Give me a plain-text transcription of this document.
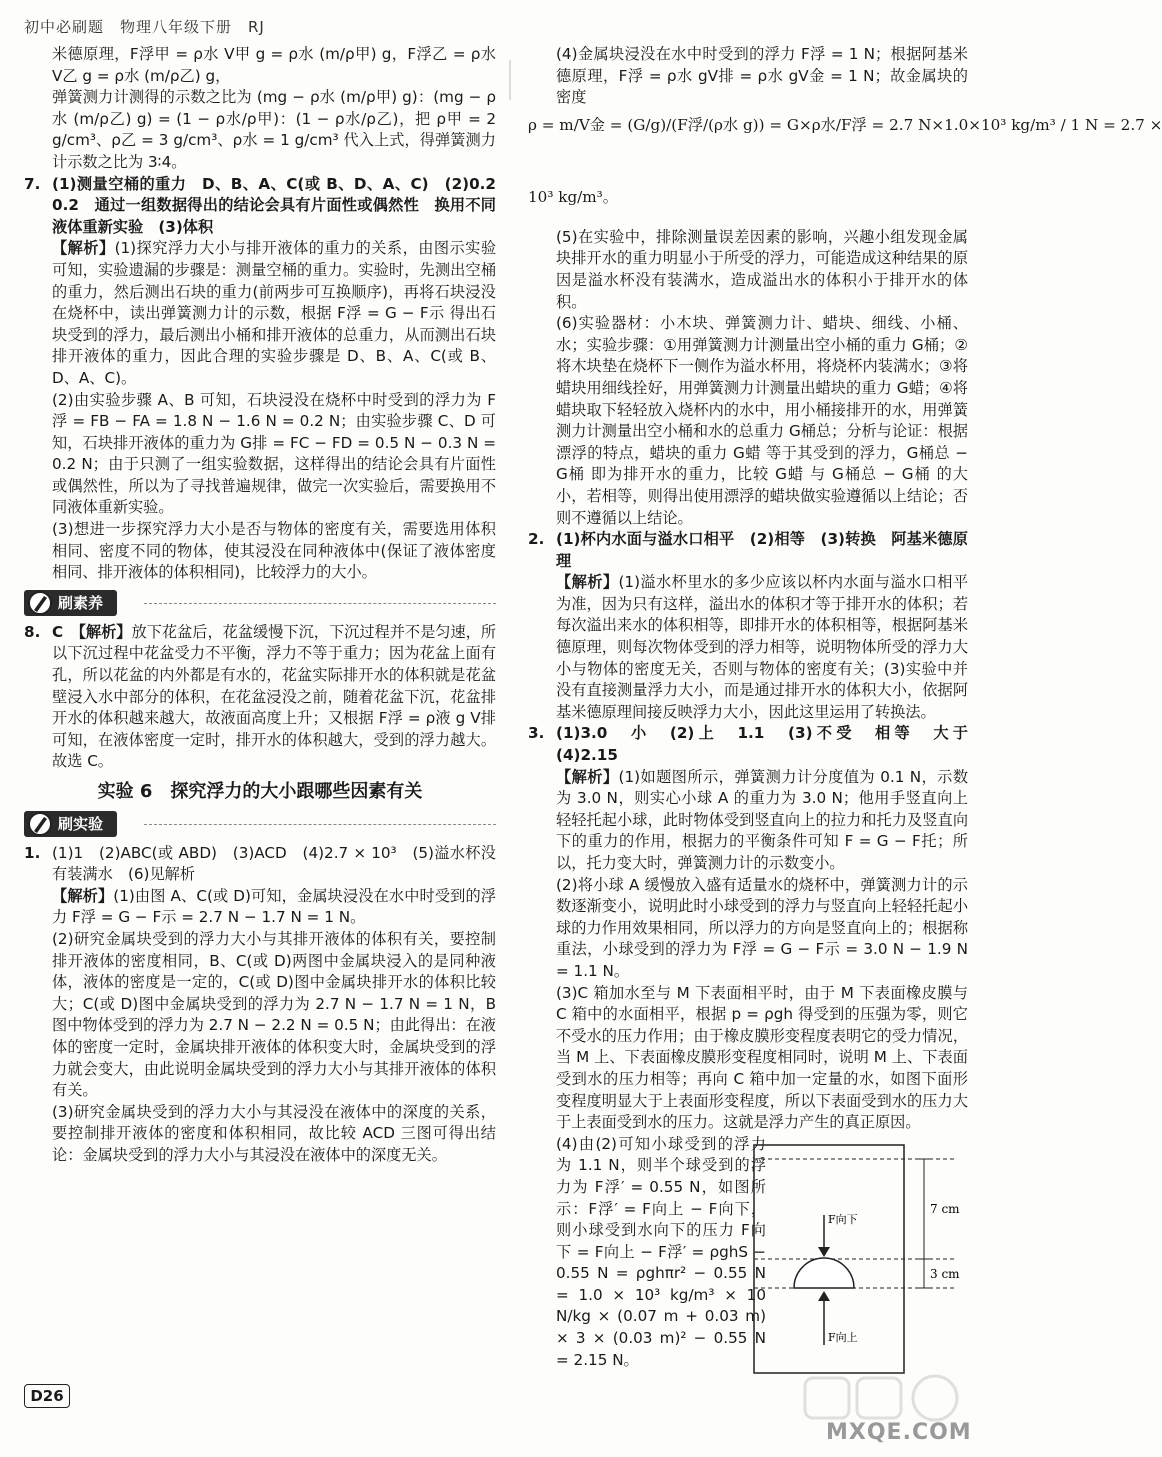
初中必刷题　物理八年级下册　RJ

米德原理，F浮甲 = ρ水 V甲 g = ρ水 (m/ρ甲) g，F浮乙 = ρ水 V乙 g = ρ水 (m/ρ乙) g，

弹簧测力计测得的示数之比为 (mg − ρ水 (m/ρ甲) g)：(mg − ρ水 (m/ρ乙) g) = (1 − ρ水/ρ甲)：(1 − ρ水/ρ乙)，把 ρ甲 = 2 g/cm³、ρ乙 = 3 g/cm³、ρ水 = 1 g/cm³ 代入上式，得弹簧测力计示数之比为 3∶4。

7. (1)测量空桶的重力　D、B、A、C(或 B、D、A、C)　(2)0.2　0.2　通过一组数据得出的结论会具有片面性或偶然性　换用不同液体重新实验　(3)体积

【解析】(1)探究浮力大小与排开液体的重力的关系，由图示实验可知，实验遗漏的步骤是：测量空桶的重力。实验时，先测出空桶的重力，然后测出石块的重力(前两步可互换顺序)，再将石块浸没在烧杯中，读出弹簧测力计的示数，根据 F浮 = G − F示 得出石块受到的浮力，最后测出小桶和排开液体的总重力，从而测出石块排开液体的重力，因此合理的实验步骤是 D、B、A、C(或 B、D、A、C)。

(2)由实验步骤 A、B 可知，石块浸没在烧杯中时受到的浮力为 F浮 = FB − FA = 1.8 N − 1.6 N = 0.2 N；由实验步骤 C、D 可知，石块排开液体的重力为 G排 = FC − FD = 0.5 N − 0.3 N = 0.2 N；由于只测了一组实验数据，这样得出的结论会具有片面性或偶然性，所以为了寻找普遍规律，做完一次实验后，需要换用不同液体重新实验。

(3)想进一步探究浮力大小是否与物体的密度有关，需要选用体积相同、密度不同的物体，使其浸没在同种液体中(保证了液体密度相同、排开液体的体积相同)，比较浮力的大小。

刷素养
8. C　 【解析】放下花盆后，花盆缓慢下沉，下沉过程并不是匀速，所以下沉过程中花盆受力不平衡，浮力不等于重力；因为花盆上面有孔，所以花盆的内外都是有水的，花盆实际排开水的体积就是花盆壁浸入水中部分的体积，在花盆浸没之前，随着花盆下沉，花盆排开水的体积越来越大，故液面高度上升；又根据 F浮 = ρ液 g V排 可知，在液体密度一定时，排开水的体积越大，受到的浮力越大。故选 C。

实验 6　探究浮力的大小跟哪些因素有关
刷实验
1. (1)1　(2)ABC(或 ABD)　(3)ACD　(4)2.7 × 10³　(5)溢水杯没有装满水　(6)见解析

【解析】(1)由图 A、C(或 D)可知，金属块浸没在水中时受到的浮力 F浮 = G − F示 = 2.7 N − 1.7 N = 1 N。

(2)研究金属块受到的浮力大小与其排开液体的体积有关，要控制排开液体的密度相同，B、C(或 D)两图中金属块浸入的是同种液体，液体的密度是一定的，C(或 D)图中金属块排开水的体积比较大；C(或 D)图中金属块受到的浮力为 2.7 N − 1.7 N = 1 N，B 图中物体受到的浮力为 2.7 N − 2.2 N = 0.5 N；由此得出：在液体的密度一定时，金属块排开液体的体积变大时，金属块受到的浮力就会变大，由此说明金属块受到的浮力大小与其排开液体的体积有关。

(3)研究金属块受到的浮力大小与其浸没在液体中的深度的关系，要控制排开液体的密度和体积相同，故比较 ACD 三图可得出结论：金属块受到的浮力大小与其浸没在液体中的深度无关。

(4)金属块浸没在水中时受到的浮力 F浮 = 1 N；根据阿基米德原理，F浮 = ρ水 gV排 = ρ水 gV金 = 1 N；故金属块的密度

ρ = m/V金 = (G/g)/(F浮/(ρ水 g)) = G×ρ水/F浮 = 2.7 N×1.0×10³ kg/m³ / 1 N = 2.7 ×
10³ kg/m³。

(5)在实验中，排除测量误差因素的影响，兴趣小组发现金属块排开水的重力明显小于所受的浮力，可能造成这种结果的原因是溢水杯没有装满水，造成溢出水的体积小于排开水的体积。

(6)实验器材：小木块、弹簧测力计、蜡块、细线、小桶、水；实验步骤：①用弹簧测力计测量出空小桶的重力 G桶；②将木块垫在烧杯下一侧作为溢水杯用，将烧杯内装满水；③将蜡块用细线拴好，用弹簧测力计测量出蜡块的重力 G蜡；④将蜡块取下轻轻放入烧杯内的水中，用小桶接排开的水，用弹簧测力计测量出空小桶和水的总重力 G桶总；分析与论证：根据漂浮的特点，蜡块的重力 G蜡 等于其受到的浮力，G桶总 − G桶 即为排开水的重力，比较 G蜡 与 G桶总 − G桶 的大小，若相等，则得出使用漂浮的蜡块做实验遵循以上结论；否则不遵循以上结论。

2. (1)杯内水面与溢水口相平　(2)相等　(3)转换　阿基米德原理

【解析】(1)溢水杯里水的多少应该以杯内水面与溢水口相平为准，因为只有这样，溢出水的体积才等于排开水的体积；若每次溢出来水的体积相等，即排开水的体积相等，根据阿基米德原理，则每次物体受到的浮力相等，说明物体所受的浮力大小与物体的密度无关，否则与物体的密度有关；(3)实验中并没有直接测量浮力大小，而是通过排开水的体积大小，依据阿基米德原理间接反映浮力大小，因此这里运用了转换法。

3. (1)3.0　小　(2)上　1.1　(3)不受　相等　大于　(4)2.15

【解析】(1)如题图所示，弹簧测力计分度值为 0.1 N，示数为 3.0 N，则实心小球 A 的重力为 3.0 N；他用手竖直向上轻轻托起小球，此时物体受到竖直向上的拉力和托力及竖直向下的重力的作用，根据力的平衡条件可知 F = G − F托；所以，托力变大时，弹簧测力计的示数变小。

(2)将小球 A 缓慢放入盛有适量水的烧杯中，弹簧测力计的示数逐渐变小，说明此时小球受到的浮力与竖直向上轻轻托起小球的力作用效果相同，所以浮力的方向是竖直向上的；根据称重法，小球受到的浮力为 F浮 = G − F示 = 3.0 N − 1.9 N = 1.1 N。

(3)C 箱加水至与 M 下表面相平时，由于 M 下表面橡皮膜与 C 箱中的水面相平，根据 p = ρgh 得受到的压强为零，则它不受水的压力作用；由于橡皮膜形变程度表明它的受力情况，当 M 上、下表面橡皮膜形变程度相同时，说明 M 上、下表面受到水的压力相等；再向 C 箱中加一定量的水，如图下面形变程度明显大于上表面形变程度，所以下表面受到水的压力大于上表面受到水的压力。这就是浮力产生的真正原因。

(4)由(2)可知小球受到的浮力为 1.1 N，则半个球受到的浮力为 F浮′ = 0.55 N，如图所示：F浮′ = F向上 − F向下，则小球受到水向下的压力 F向下 = F向上 − F浮′ = ρghS − 0.55 N = ρghπr² − 0.55 N = 1.0 × 10³ kg/m³ × 10 N/kg × (0.07 m + 0.03 m) × 3 × (0.03 m)² − 0.55 N = 2.15 N。

F向下
F向上
7 cm
3 cm
D26
MXQE.COM
